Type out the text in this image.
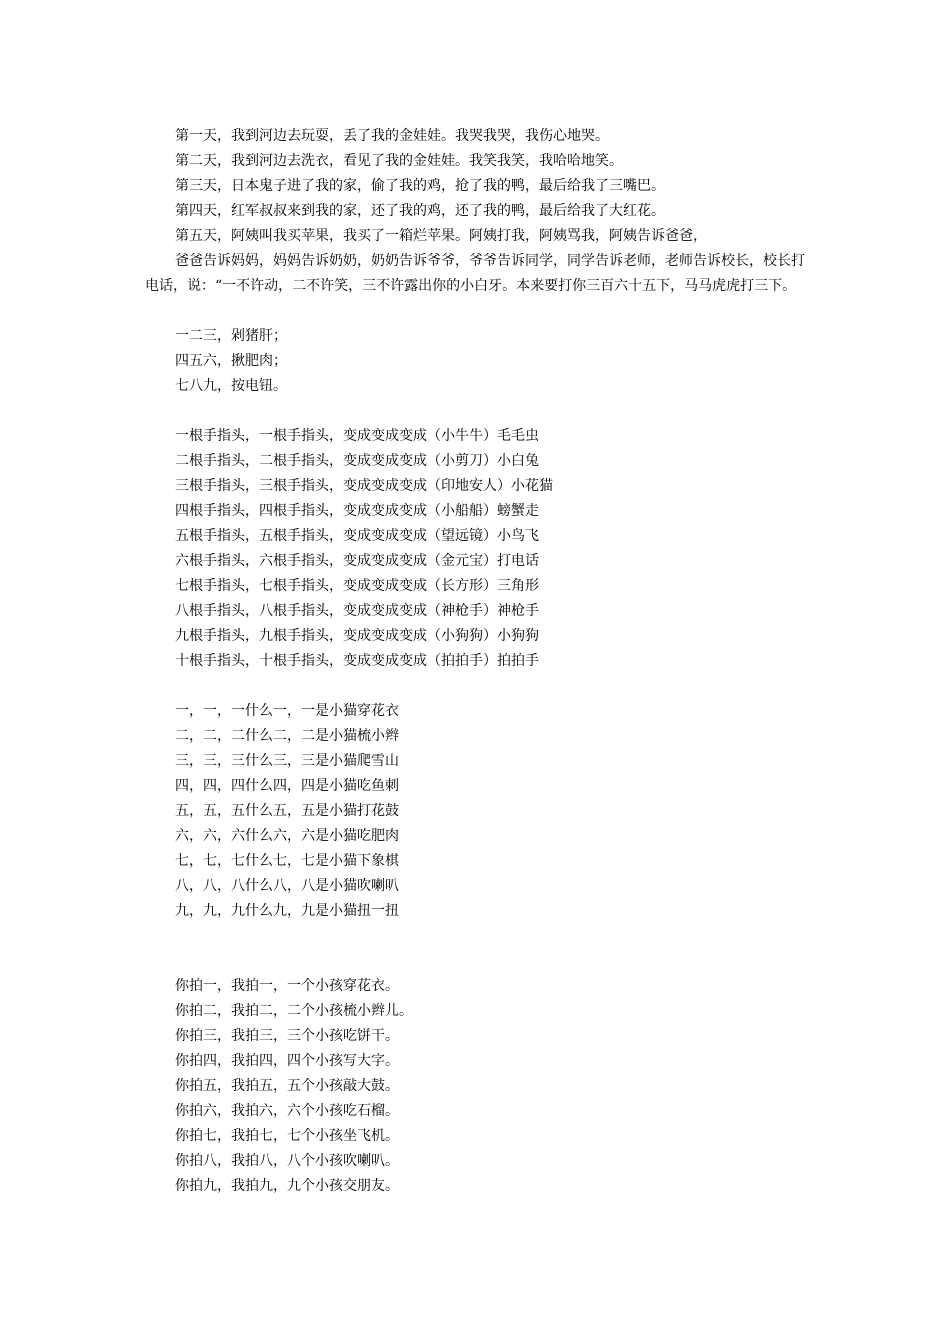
第一天，我到河边去玩耍，丢了我的金娃娃。我哭我哭，我伤心地哭。
第二天，我到河边去洗衣，看见了我的金娃娃。我笑我笑，我哈哈地笑。
第三天，日本鬼子进了我的家，偷了我的鸡，抢了我的鸭，最后给我了三嘴巴。
第四天，红军叔叔来到我的家，还了我的鸡，还了我的鸭，最后给我了大红花。
第五天，阿姨叫我买苹果，我买了一箱烂苹果。阿姨打我，阿姨骂我，阿姨告诉爸爸，
爸爸告诉妈妈，妈妈告诉奶奶，奶奶告诉爷爷，爷爷告诉同学，同学告诉老师，老师告诉校长，校长打电话，说：“一不许动，二不许笑，三不许露出你的小白牙。本来要打你三百六十五下，马马虎虎打三下。
一二三，剁猪肝；
四五六，揪肥肉；
七八九，按电钮。
一根手指头，一根手指头，变成变成变成（小牛牛）毛毛虫
二根手指头，二根手指头，变成变成变成（小剪刀）小白兔
三根手指头，三根手指头，变成变成变成（印地安人）小花猫
四根手指头，四根手指头，变成变成变成（小船船）螃蟹走
五根手指头，五根手指头，变成变成变成（望远镜）小鸟飞
六根手指头，六根手指头，变成变成变成（金元宝）打电话
七根手指头，七根手指头，变成变成变成（长方形）三角形
八根手指头，八根手指头，变成变成变成（神枪手）神枪手
九根手指头，九根手指头，变成变成变成（小狗狗）小狗狗
十根手指头，十根手指头，变成变成变成（拍拍手）拍拍手
一，一，一什么一，一是小猫穿花衣
二，二，二什么二，二是小猫梳小辫
三，三，三什么三，三是小猫爬雪山
四，四，四什么四，四是小猫吃鱼刺
五，五，五什么五，五是小猫打花鼓
六，六，六什么六，六是小猫吃肥肉
七，七，七什么七，七是小猫下象棋
八，八，八什么八，八是小猫吹喇叭
九，九，九什么九，九是小猫扭一扭
你拍一，我拍一，一个小孩穿花衣。
你拍二，我拍二，二个小孩梳小辫儿。
你拍三，我拍三，三个小孩吃饼干。
你拍四，我拍四，四个小孩写大字。
你拍五，我拍五，五个小孩敲大鼓。
你拍六，我拍六，六个小孩吃石榴。
你拍七，我拍七，七个小孩坐飞机。
你拍八，我拍八，八个小孩吹喇叭。
你拍九，我拍九，九个小孩交朋友。
